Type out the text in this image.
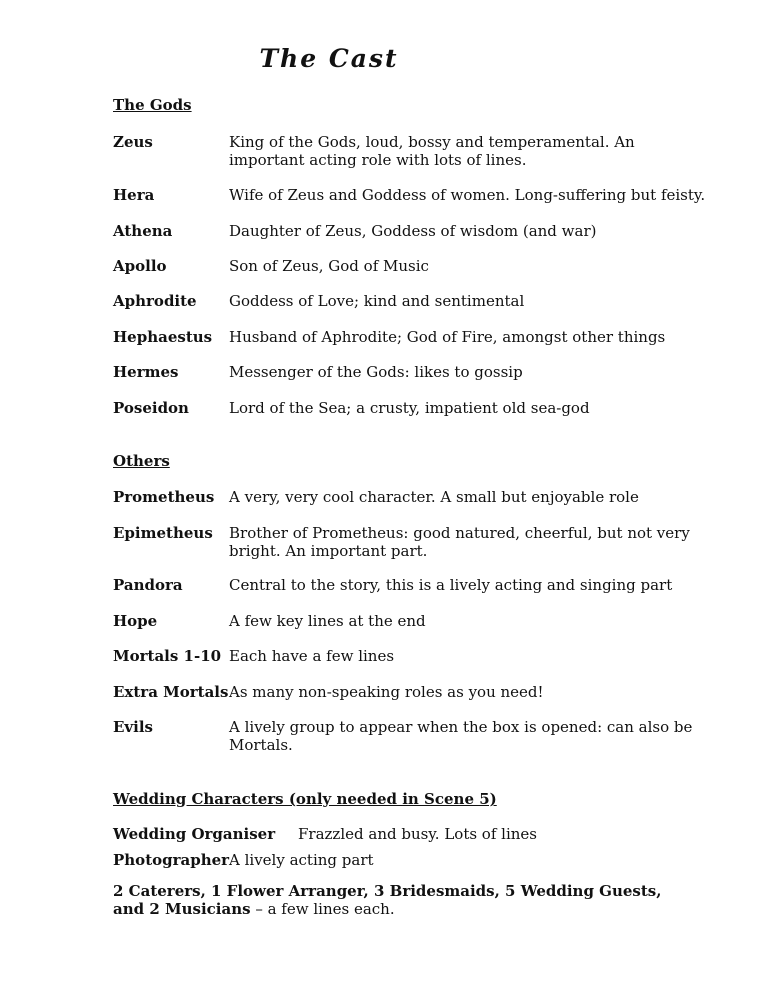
The Cast
The Gods
Zeus	King of the Gods, loud, bossy and temperamental. An important acting role with lots of lines.
Hera	Wife of Zeus and Goddess of women. Long-suffering but feisty.
Athena	Daughter of Zeus, Goddess of wisdom (and war)
Apollo	Son of Zeus, God of Music
Aphrodite Goddess of Love; kind and sentimental
Hephaestus Husband of Aphrodite; God of Fire, amongst other things
Hermes	Messenger of the Gods: likes to gossip
Poseidon	Lord of the Sea; a crusty, impatient old sea-god
Others
Prometheus A very, very cool character. A small but enjoyable role
Epimetheus Brother of Prometheus: good natured, cheerful, but not very bright. An important part.
Pandora	Central to the story, this is a lively acting and singing part
Hope	A few key lines at the end
Mortals 1-10 Each have a few lines
Extra Mortals As many non-speaking roles as you need!
Evils	A lively group to appear when the box is opened: can also be Mortals.
Wedding Characters (only needed in Scene 5)
Wedding Organiser Frazzled and busy. Lots of lines
Photographer A lively acting part
2 Caterers, 1 Flower Arranger, 3 Bridesmaids, 5 Wedding Guests, and 2 Musicians – a few lines each.
